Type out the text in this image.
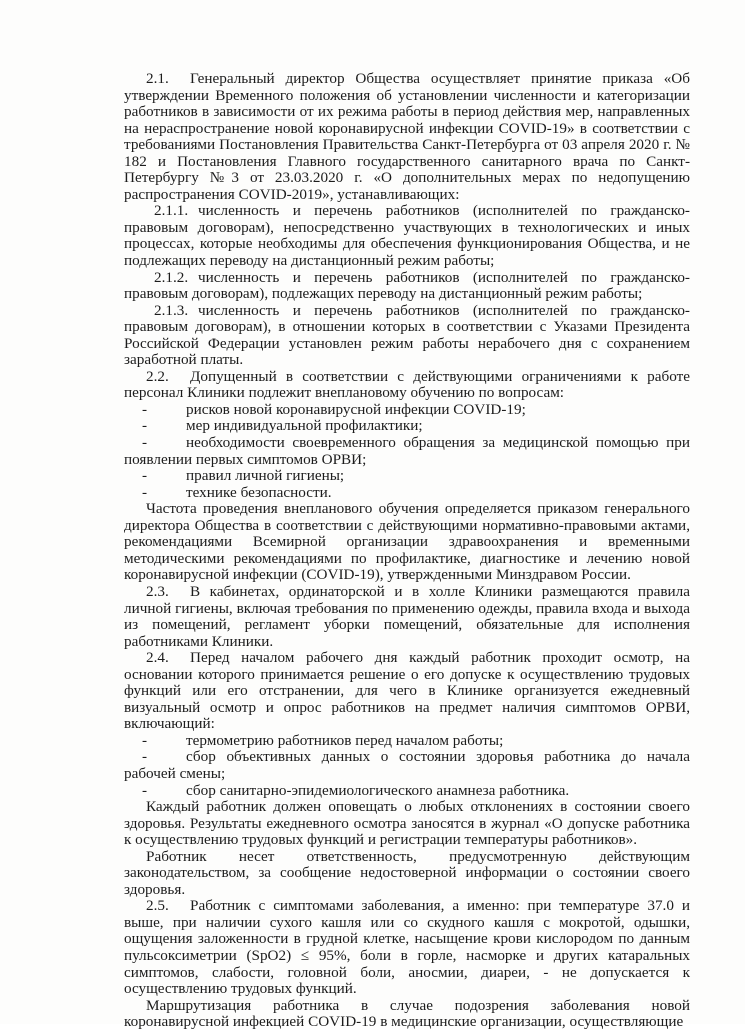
2.1. Генеральный директор Общества осуществляет принятие приказа «Об утверждении Временного положения об установлении численности и категоризации работников в зависимости от их режима работы в период действия мер, направленных на нераспространение новой коронавирусной инфекции COVID-19» в соответствии с требованиями Постановления Правительства Санкт-Петербурга от 03 апреля 2020 г. № 182 и Постановления Главного государственного санитарного врача по Санкт-Петербургу №3 от 23.03.2020 г. «О дополнительных мерах по недопущению распространения COVID-2019», устанавливающих:

2.1.1. численность и перечень работников (исполнителей по гражданско-правовым договорам), непосредственно участвующих в технологических и иных процессах, которые необходимы для обеспечения функционирования Общества, и не подлежащих переводу на дистанционный режим работы;

2.1.2. численность и перечень работников (исполнителей по гражданско-правовым договорам), подлежащих переводу на дистанционный режим работы;

2.1.3. численность и перечень работников (исполнителей по гражданско-правовым договорам), в отношении которых в соответствии с Указами Президента Российской Федерации установлен режим работы нерабочего дня с сохранением заработной платы.

2.2. Допущенный в соответствии с действующими ограничениями к работе персонал Клиники подлежит внеплановому обучению по вопросам:

-	рисков новой коронавирусной инфекции COVID-19;

-	мер индивидуальной профилактики;

-	необходимости своевременного обращения за медицинской помощью при появлении первых симптомов ОРВИ;

-	правил личной гигиены;

-	технике безопасности.

Частота проведения внепланового обучения определяется приказом генерального директора Общества в соответствии с действующими нормативно-правовыми актами, рекомендациями Всемирной организации здравоохранения и временными методическими рекомендациями по профилактике, диагностике и лечению новой коронавирусной инфекции (COVID-19), утвержденными Минздравом России.

2.3. В кабинетах, ординаторской и в холле Клиники размещаются правила личной гигиены, включая требования по применению одежды, правила входа и выхода из помещений, регламент уборки помещений, обязательные для исполнения работниками Клиники.

2.4. Перед началом рабочего дня каждый работник проходит осмотр, на основании которого принимается решение о его допуске к осуществлению трудовых функций или его отстранении, для чего в Клинике организуется ежедневный визуальный осмотр и опрос работников на предмет наличия симптомов ОРВИ, включающий:

-	термометрию работников перед началом работы;

-	сбор объективных данных о состоянии здоровья работника до начала рабочей смены;

-	сбор санитарно-эпидемиологического анамнеза работника.

Каждый работник должен оповещать о любых отклонениях в состоянии своего здоровья. Результаты ежедневного осмотра заносятся в журнал «О допуске работника к осуществлению трудовых функций и регистрации температуры работников».

Работник несет ответственность, предусмотренную действующим законодательством, за сообщение недостоверной информации о состоянии своего здоровья.

2.5. Работник с симптомами заболевания, а именно: при температуре 37.0 и выше, при наличии сухого кашля или со скудного кашля с мокротой, одышки, ощущения заложенности в грудной клетке, насыщение крови кислородом по данным пульсоксиметрии (SpO2) ≤ 95%, боли в горле, насморке и других катаральных симптомов, слабости, головной боли, аносмии, диареи, - не допускается к осуществлению трудовых функций.

Маршрутизация работника в случае подозрения заболевания новой коронавирусной инфекцией COVID-19 в медицинские организации, осуществляющие
